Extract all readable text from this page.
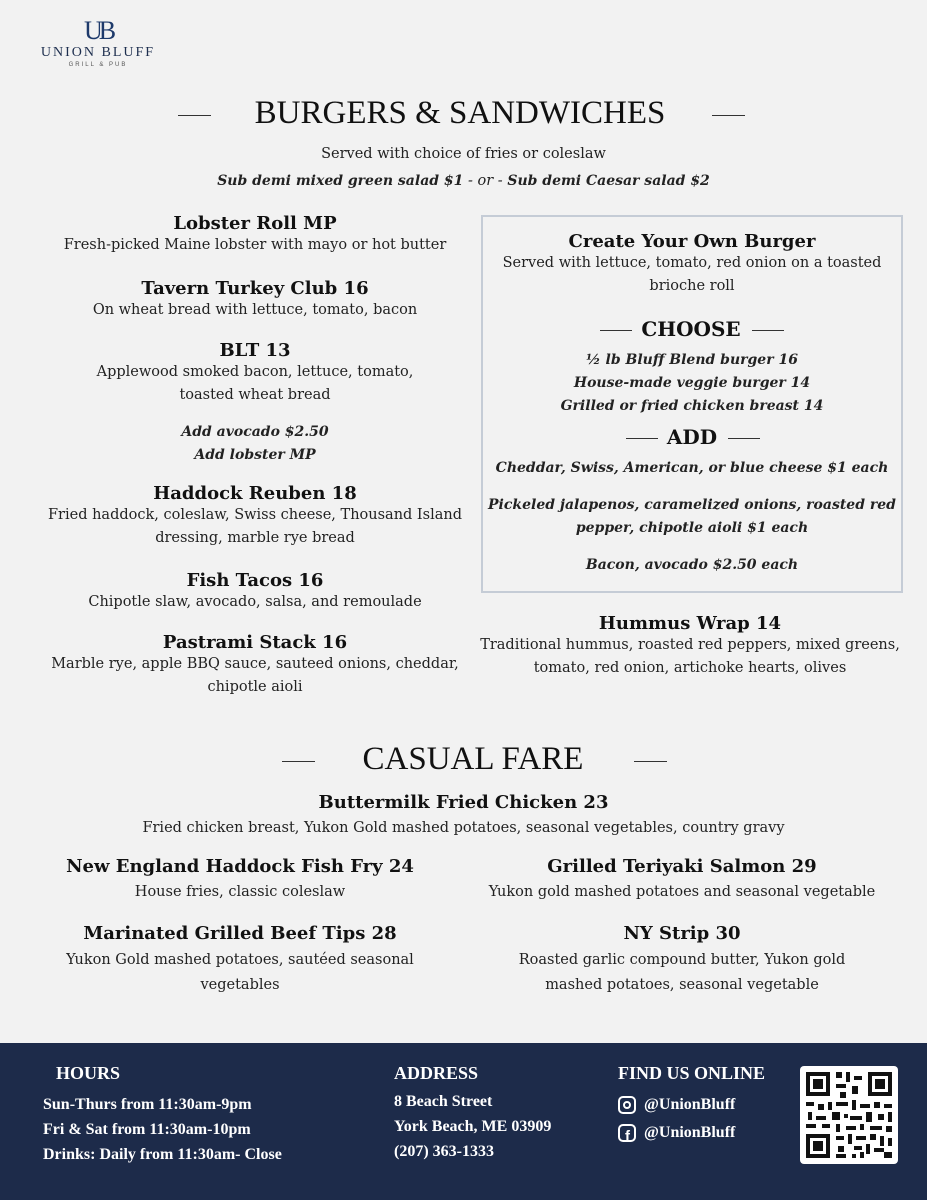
UB
UNION BLUFF
GRILL & PUB
BURGERS & SANDWICHES
Served with choice of fries or coleslaw
Sub demi mixed green salad $1 - or - Sub demi Caesar salad $2
Lobster Roll MP
Fresh-picked Maine lobster with mayo or hot butter
Tavern Turkey Club 16
On wheat bread with lettuce, tomato, bacon
BLT 13
Applewood smoked bacon, lettuce, tomato,
toasted wheat bread
Add avocado $2.50
Add lobster MP
Haddock Reuben 18
Fried haddock, coleslaw, Swiss cheese, Thousand Island
dressing, marble rye bread
Fish Tacos 16
Chipotle slaw, avocado, salsa, and remoulade
Pastrami Stack 16
Marble rye, apple BBQ sauce, sauteed onions, cheddar,
chipotle aioli
Create Your Own Burger
Served with lettuce, tomato, red onion on a toasted
brioche roll
CHOOSE
½ lb Bluff Blend burger 16
House-made veggie burger 14
Grilled or fried chicken breast 14
ADD
Cheddar, Swiss, American, or blue cheese $1 each
Pickeled jalapenos, caramelized onions, roasted red
pepper, chipotle aioli $1 each
Bacon, avocado $2.50 each
Hummus Wrap 14
Traditional hummus, roasted red peppers, mixed greens,
tomato, red onion, artichoke hearts, olives
CASUAL FARE
Buttermilk Fried Chicken 23
Fried chicken breast, Yukon Gold mashed potatoes, seasonal vegetables, country gravy
New England Haddock Fish Fry 24
House fries, classic coleslaw
Marinated Grilled Beef Tips 28
Yukon Gold mashed potatoes, sautéed seasonal
vegetables
Grilled Teriyaki Salmon 29
Yukon gold mashed potatoes and seasonal vegetable
NY Strip 30
Roasted garlic compound butter, Yukon gold
mashed potatoes, seasonal vegetable
HOURS
Sun-Thurs from 11:30am-9pm
Fri & Sat from 11:30am-10pm
Drinks: Daily from 11:30am- Close
ADDRESS
8 Beach Street
York Beach, ME 03909
(207) 363-1333
FIND US ONLINE
@UnionBluff
f @UnionBluff
